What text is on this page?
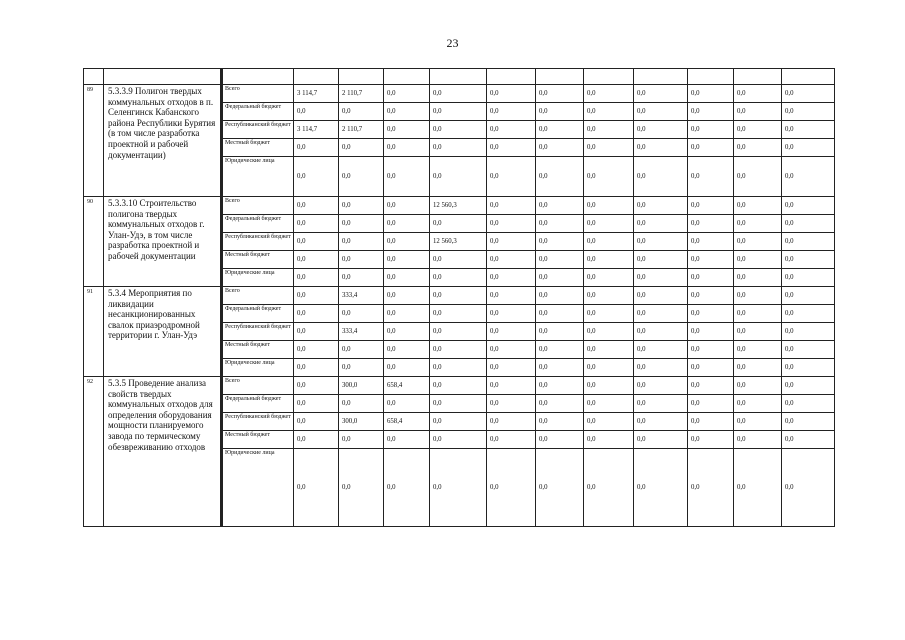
23

89	5.3.3.9 Полигон твердых коммунальных отходов в п. Селенгинск Кабанского района Республики Бурятия (в том числе разработка проектной и рабочей документации)	Всего	3 114,7	2 110,7	0,0	0,0	0,0	0,0	0,0	0,0	0,0	0,0	0,0
		Федеральный бюджет	0,0	0,0	0,0	0,0	0,0	0,0	0,0	0,0	0,0	0,0	0,0
		Республиканский бюджет	3 114,7	2 110,7	0,0	0,0	0,0	0,0	0,0	0,0	0,0	0,0	0,0
		Местный бюджет	0,0	0,0	0,0	0,0	0,0	0,0	0,0	0,0	0,0	0,0	0,0
		Юридические лица	0,0	0,0	0,0	0,0	0,0	0,0	0,0	0,0	0,0	0,0	0,0
90	5.3.3.10 Строительство полигона твердых коммунальных отходов г. Улан-Удэ, в том числе разработка проектной и рабочей документации	Всего	0,0	0,0	0,0	12 560,3	0,0	0,0	0,0	0,0	0,0	0,0	0,0
		Федеральный бюджет	0,0	0,0	0,0	0,0	0,0	0,0	0,0	0,0	0,0	0,0	0,0
		Республиканский бюджет	0,0	0,0	0,0	12 560,3	0,0	0,0	0,0	0,0	0,0	0,0	0,0
		Местный бюджет	0,0	0,0	0,0	0,0	0,0	0,0	0,0	0,0	0,0	0,0	0,0
		Юридические лица	0,0	0,0	0,0	0,0	0,0	0,0	0,0	0,0	0,0	0,0	0,0
91	5.3.4 Мероприятия по ликвидации несанкционированных свалок приаэродромной территории г. Улан-Удэ	Всего	0,0	333,4	0,0	0,0	0,0	0,0	0,0	0,0	0,0	0,0	0,0
		Федеральный бюджет	0,0	0,0	0,0	0,0	0,0	0,0	0,0	0,0	0,0	0,0	0,0
		Республиканский бюджет	0,0	333,4	0,0	0,0	0,0	0,0	0,0	0,0	0,0	0,0	0,0
		Местный бюджет	0,0	0,0	0,0	0,0	0,0	0,0	0,0	0,0	0,0	0,0	0,0
		Юридические лица	0,0	0,0	0,0	0,0	0,0	0,0	0,0	0,0	0,0	0,0	0,0
92	5.3.5 Проведение анализа свойств твердых коммунальных отходов для определения оборудования мощности планируемого завода по термическому обезвреживанию отходов	Всего	0,0	300,0	658,4	0,0	0,0	0,0	0,0	0,0	0,0	0,0	0,0
		Федеральный бюджет	0,0	0,0	0,0	0,0	0,0	0,0	0,0	0,0	0,0	0,0	0,0
		Республиканский бюджет	0,0	300,0	658,4	0,0	0,0	0,0	0,0	0,0	0,0	0,0	0,0
		Местный бюджет	0,0	0,0	0,0	0,0	0,0	0,0	0,0	0,0	0,0	0,0	0,0
		Юридические лица	0,0	0,0	0,0	0,0	0,0	0,0	0,0	0,0	0,0	0,0	0,0
